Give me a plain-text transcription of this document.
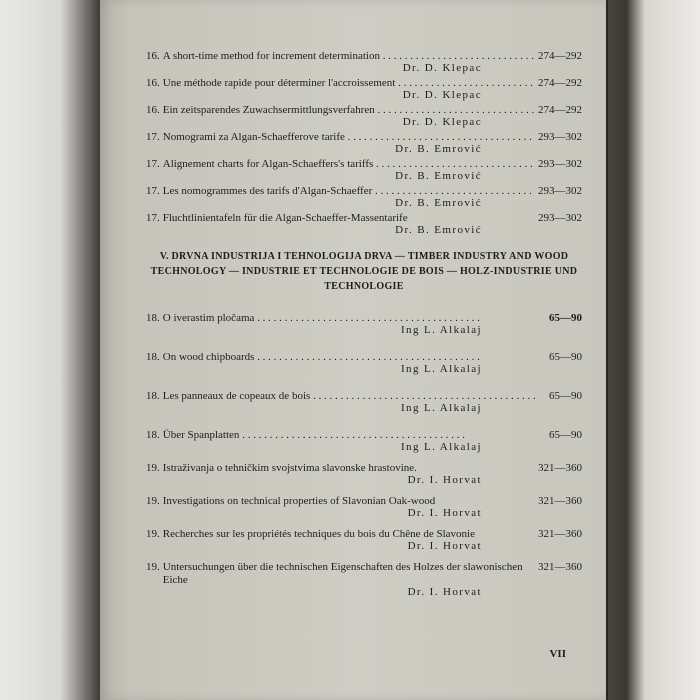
16. A short-time method for increment determination . . .	274—292
Dr. D. Klepac
16. Une méthode rapide pour déterminer l'accroissement . . .	274—292
Dr. D. Klepac
16. Ein zeitsparendes Zuwachsermittlungsverfahren . . .	274—292
Dr. D. Klepac
17. Nomogrami za Algan-Schaefferove tarife . . .	293—302
Dr. B. Emrović
17. Alignement charts for Algan-Schaeffers's tariffs . . .	293—302
Dr. B. Emrović
17. Les nomogrammes des tarifs d'Algan-Schaeffer . . .	293—302
Dr. B. Emrović
17. Fluchtlinientafeln für die Algan-Schaeffer-Massentarife	293—302
Dr. B. Emrović
V. DRVNA INDUSTRIJA I TEHNOLOGIJA DRVA — TIMBER INDUSTRY AND WOOD TECHNOLOGY — INDUSTRIE ET TECHNOLOGIE DE BOIS — HOLZ-INDUSTRIE UND TECHNOLOGIE
18. O iverastim pločama . . .	65—90
Ing L. Alkalaj
18. On wood chipboards . . .	65—90
Ing L. Alkalaj
18. Les panneaux de copeaux de bois . . .	65—90
Ing L. Alkalaj
18. Über Spanplatten . . .	65—90
Ing L. Alkalaj
19. Istraživanja o tehničkim svojstvima slavonske hrastovine.	321—360
Dr. I. Horvat
19. Investigations on technical properties of Slavonian Oak-wood	321—360
Dr. I. Horvat
19. Recherches sur les propriétés techniques du bois du Chêne de Slavonie	321—360
Dr. I. Horvat
19. Untersuchungen über die technischen Eigenschaften des Holzes der slawonischen Eiche
321—360
Dr. I. Horvat
VII
